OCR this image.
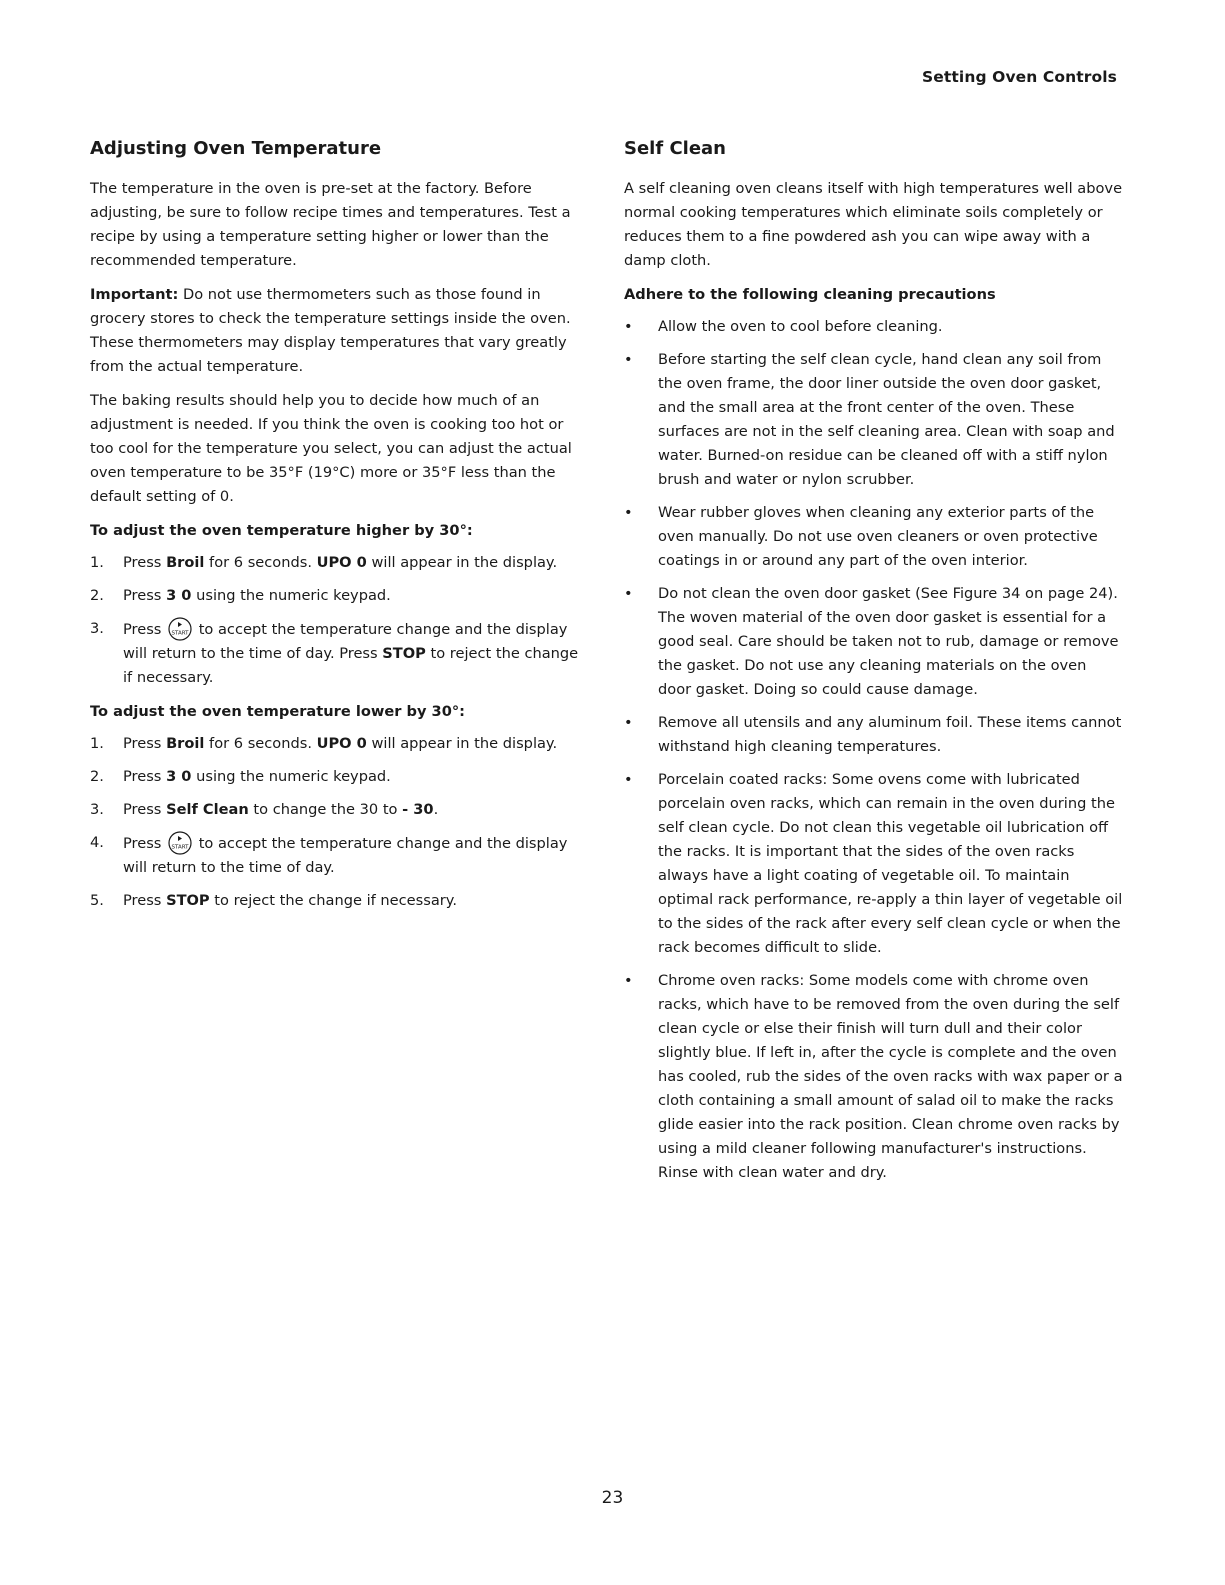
Setting Oven Controls
Adjusting Oven Temperature

The temperature in the oven is pre-set at the factory. Before adjusting, be sure to follow recipe times and temperatures. Test a recipe by using a temperature setting higher or lower than the recommended temperature.

Important: Do not use thermometers such as those found in grocery stores to check the temperature settings inside the oven. These thermometers may display temperatures that vary greatly from the actual temperature.

The baking results should help you to decide how much of an adjustment is needed. If you think the oven is cooking too hot or too cool for the temperature you select, you can adjust the actual oven temperature to be 35°F (19°C) more or 35°F less than the default setting of 0.

To adjust the oven temperature higher by 30°:
1. Press Broil for 6 seconds. UPO 0 will appear in the display.
2. Press 3 0 using the numeric keypad.
3. Press START to accept the temperature change and the display will return to the time of day. Press STOP to reject the change if necessary.
To adjust the oven temperature lower by 30°:
1. Press Broil for 6 seconds. UPO 0 will appear in the display.
2. Press 3 0 using the numeric keypad.
3. Press Self Clean to change the 30 to - 30.
4. Press START to accept the temperature change and the display will return to the time of day.
5. Press STOP to reject the change if necessary.
Self Clean

A self cleaning oven cleans itself with high temperatures well above normal cooking temperatures which eliminate soils completely or reduces them to a fine powdered ash you can wipe away with a damp cloth.

Adhere to the following cleaning precautions
• Allow the oven to cool before cleaning.
• Before starting the self clean cycle, hand clean any soil from the oven frame, the door liner outside the oven door gasket, and the small area at the front center of the oven. These surfaces are not in the self cleaning area. Clean with soap and water. Burned-on residue can be cleaned off with a stiff nylon brush and water or nylon scrubber.
• Wear rubber gloves when cleaning any exterior parts of the oven manually. Do not use oven cleaners or oven protective coatings in or around any part of the oven interior.
• Do not clean the oven door gasket (See Figure 34 on page 24). The woven material of the oven door gasket is essential for a good seal. Care should be taken not to rub, damage or remove the gasket. Do not use any cleaning materials on the oven door gasket. Doing so could cause damage.
• Remove all utensils and any aluminum foil. These items cannot withstand high cleaning temperatures.
• Porcelain coated racks: Some ovens come with lubricated porcelain oven racks, which can remain in the oven during the self clean cycle. Do not clean this vegetable oil lubrication off the racks. It is important that the sides of the oven racks always have a light coating of vegetable oil. To maintain optimal rack performance, re-apply a thin layer of vegetable oil to the sides of the rack after every self clean cycle or when the rack becomes difficult to slide.
• Chrome oven racks: Some models come with chrome oven racks, which have to be removed from the oven during the self clean cycle or else their finish will turn dull and their color slightly blue. If left in, after the cycle is complete and the oven has cooled, rub the sides of the oven racks with wax paper or a cloth containing a small amount of salad oil to make the racks glide easier into the rack position. Clean chrome oven racks by using a mild cleaner following manufacturer's instructions. Rinse with clean water and dry.
23
